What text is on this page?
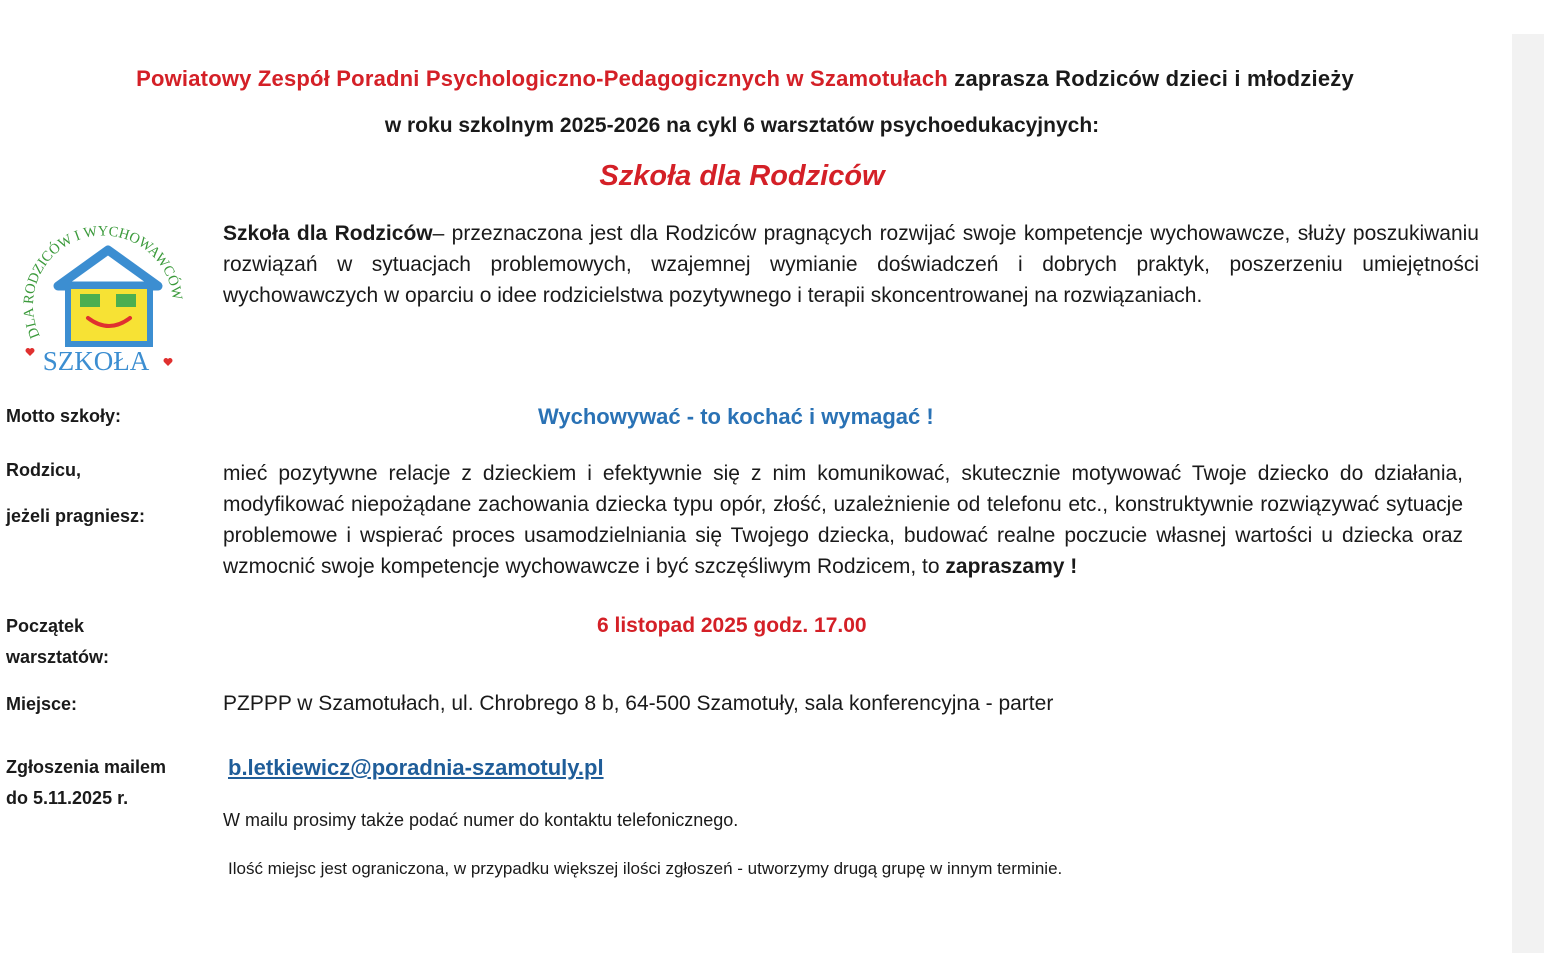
Powiatowy Zespół Poradni Psychologiczno-Pedagogicznych w Szamotułach zaprasza Rodziców dzieci i młodzieży
w roku szkolnym 2025-2026 na cykl 6 warsztatów psychoedukacyjnych:
Szkoła dla Rodziców
DLA RODZICÓW I WYCHOWAWCÓW
SZKOŁA
Szkoła dla Rodziców– przeznaczona jest dla Rodziców pragnących rozwijać swoje kompetencje wychowawcze, służy poszukiwaniu rozwiązań w sytuacjach problemowych, wzajemnej wymianie doświadczeń i dobrych praktyk, poszerzeniu umiejętności wychowawczych w oparciu o idee rodzicielstwa pozytywnego i terapii skoncentrowanej na rozwiązaniach.
Motto szkoły:	Wychowywać - to kochać i wymagać !
Rodzicu,
jeżeli pragniesz:
mieć pozytywne relacje z dzieckiem i efektywnie się z nim komunikować, skutecznie motywować Twoje dziecko do działania, modyfikować niepożądane zachowania dziecka typu opór, złość, uzależnienie od telefonu etc., konstruktywnie rozwiązywać sytuacje problemowe i wspierać proces usamodzielniania się Twojego dziecka, budować realne poczucie własnej wartości u dziecka oraz wzmocnić swoje kompetencje wychowawcze i być szczęśliwym Rodzicem, to zapraszamy !
Początek
warsztatów:
6 listopad 2025 godz. 17.00
Miejsce:	PZPPP w Szamotułach, ul. Chrobrego 8 b, 64-500 Szamotuły, sala konferencyjna - parter
Zgłoszenia mailem
do 5.11.2025 r.
b.letkiewicz@poradnia-szamotuly.pl
W mailu prosimy także podać numer do kontaktu telefonicznego.
Ilość miejsc jest ograniczona, w przypadku większej ilości zgłoszeń - utworzymy drugą grupę w innym terminie.
